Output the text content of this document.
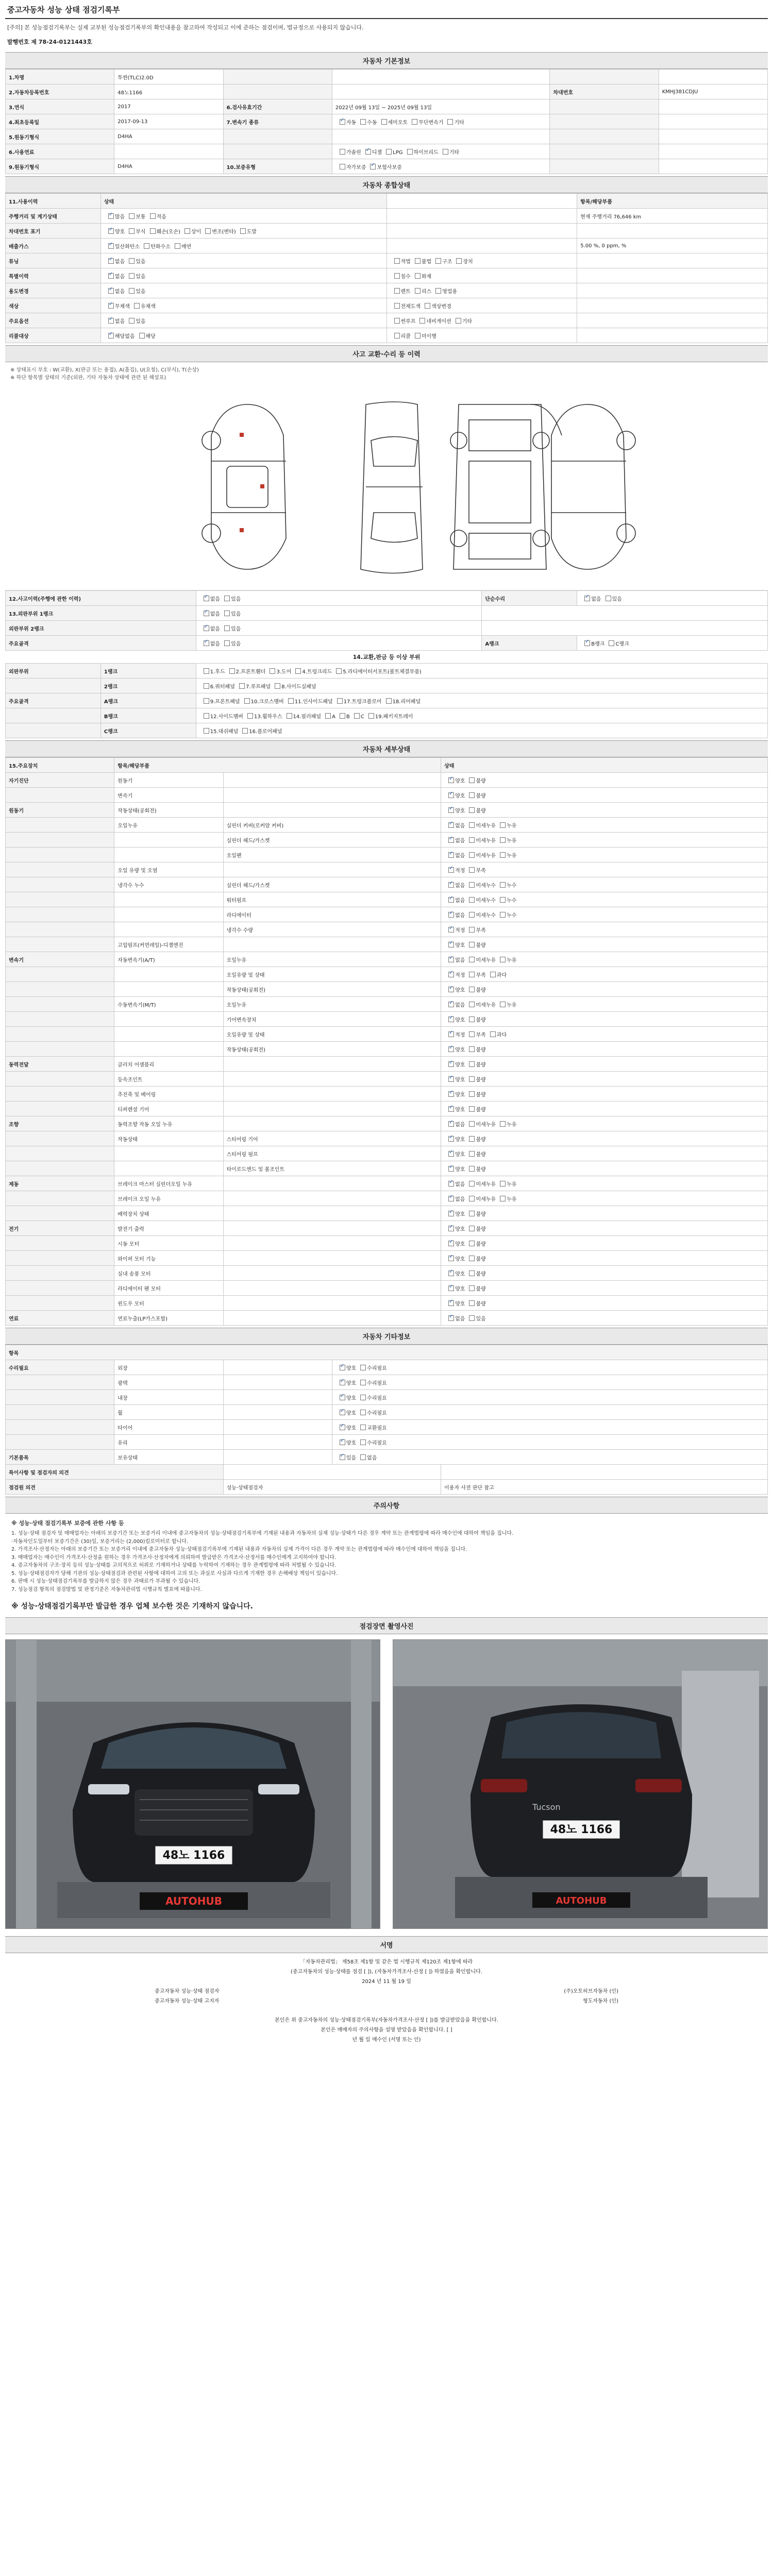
중고자동차 성능 상태 점검기록부
[주의] 본 성능점검기록부는 실제 교부된 성능점검기록부의 확인내용을 참고하여 작성되고 이에 준하는 점검이며, 법규정으로 사용되지 않습니다.
발행번호 제 78-24-0121443호
자동차 기본정보
1.차명	투싼(TLC)2.0D				
2.자동차등록번호	48노1166			차대번호	KMHJ381CDJU
3.연식	2017	6.검사유효기간	2022년 09월 13일 ~ 2025년 09월 13일		
4.최초등록일	2017-09-13	7.변속기 종류	✓자동 수동 세미오토 무단변속기 기타		
5.원동기형식	D4HA				
6.사용연료			가솔린 ✓ 디젤 LPG 하이브리드 기타		
9.원동기형식	D4HA	10.보증유형	자가보증 ✓ 보험사보증		
자동차 종합상태
11.사용이력	상태		항목/해당부품
주행거리 및 계기상태	✓많음 보통 적음		현재 주행거리 76,646 km
차대번호 표기	✓양호 부식 훼손(오손) 상이 변조(변타) 도말		
배출가스	✓일산화탄소 탄화수소 매연		5.00 %, 0 ppm, %
튜닝	✓없음 있음	적법 불법 구조 장치	
특별이력	✓없음 있음	침수 화재	
용도변경	✓없음 있음	렌트 리스 영업용	
색상	✓무채색 유채색	전체도색 색상변경	
주요옵션	✓없음 있음	썬루프 네비게이션 기타	
리콜대상	✓해당없음 해당	리콜 미이행	
사고 교환·수리 등 이력
※ 상태표시 부호 : W(교환), X(판금 또는 용접), A(흠집), U(요철), C(부식), T(손상)
※ 하단 항목별 상태의 기준(외판, 기타 자동차 상태에 관련 된 해설표)
12.사고이력(주행에 관한 이력)	✓없음 있음	단순수리	✓없음 있음
13.외판부위 1랭크	✓없음 있음	
외판부위 2랭크	✓없음 있음	
주요골격	✓없음 있음	A랭크	✓B랭크 C랭크
14.교환,판금 등 이상 부위
외판부위	1랭크	1.후드 2.프론트휀더 3.도어 4.트렁크리드 5.라디에이터서포트(볼트체결부품)
	2랭크	6.쿼터패널 7.루프패널 8.사이드실패널
주요골격	A랭크	9.프론트패널 10.크로스멤버 11.인사이드패널 17.트렁크플로어 18.리어패널
	B랭크	12.사이드멤버 13.휠하우스 14.필러패널 A B C 19.패키지트레이
	C랭크	15.대쉬패널 16.플로어패널
자동차 세부상태
15.주요장치	항목/해당부품		상태
자기진단	원동기		✓양호 불량
	변속기		✓양호 불량
원동기	작동상태(공회전)		✓양호 불량
	오일누유	실린더 커버(로커암 커버)	✓없음 미세누유 누유
		실린더 헤드/가스켓	✓없음 미세누유 누유
		오일팬	✓없음 미세누유 누유
	오일 유량 및 오염		✓적정 부족
	냉각수 누수	실린더 헤드/가스켓	✓없음 미세누수 누수
		워터펌프	✓없음 미세누수 누수
		라디에이터	✓없음 미세누수 누수
		냉각수 수량	✓적정 부족
	고압펌프(커먼레일)-디젤엔진		✓양호 불량
변속기	자동변속기(A/T)	오일누유	✓없음 미세누유 누유
		오일유량 및 상태	✓적정 부족 과다
		작동상태(공회전)	✓양호 불량
	수동변속기(M/T)	오일누유	✓없음 미세누유 누유
		기어변속장치	✓양호 불량
		오일유량 및 상태	✓적정 부족 과다
		작동상태(공회전)	✓양호 불량
동력전달	클러치 어셈블리		✓양호 불량
	등속조인트		✓양호 불량
	추진축 및 베어링		✓양호 불량
	디퍼렌셜 기어		✓양호 불량
조향	동력조향 작동 오일 누유		✓없음 미세누유 누유
	작동상태	스티어링 기어	✓양호 불량
		스티어링 펌프	✓양호 불량
		타이로드엔드 및 볼조인트	✓양호 불량
제동	브레이크 마스터 실린더오일 누유		✓없음 미세누유 누유
	브레이크 오일 누유		✓없음 미세누유 누유
	배력장치 상태		✓양호 불량
전기	발전기 출력		✓양호 불량
	시동 모터		✓양호 불량
	와이퍼 모터 기능		✓양호 불량
	실내 송풍 모터		✓양호 불량
	라디에이터 팬 모터		✓양호 불량
	윈도우 모터		✓양호 불량
연료	연료누출(LP가스포함)		✓없음 있음
자동차 기타정보
항목				
수리필요	외장		✓양호 수리필요
	광택		✓양호 수리필요
	내장		✓양호 수리필요
	휠		✓양호 수리필요
	타이어		✓양호 교환필요
	유리		✓양호 수리필요
기본품목	보유상태		✓있음 없음
특이사항 및 점검자의 의견				
점검원 의견		성능·상태점검자		이용자 사전 판단 참고
주의사항
※ 성능·상태 점검기록부 보증에 관한 사항 등
1. 성능·상태 점검자 및 매매업자는 아래의 보증기간 또는 보증거리 이내에 중고자동차의 성능·상태점검기록부에 기재된 내용과 자동차의 실제 성능·상태가 다른 경우 계약 또는 관계법령에 따라 매수인에 대하여 책임을 집니다.
·자동차인도일부터 보증기간은 (30)일, 보증거리는 (2,000)킬로미터로 합니다.
2. 가격조사·산정자는 아래의 보증기간 또는 보증거리 이내에 중고자동차 성능·상태점검기록부에 기재된 내용과 자동차의 실제 가격이 다른 경우 계약 또는 관계법령에 따라 매수인에 대하여 책임을 집니다.
3. 매매업자는 매수인이 가격조사·산정을 원하는 경우 가격조사·산정자에게 의뢰하여 발급받은 가격조사·산정서를 매수인에게 고지하여야 합니다.
4. 증고자동차의 구조·장치 등의 성능·상태를 고의적으로 허위로 기재하거나 상태를 누락하여 기재하는 경우 관계법령에 따라 처벌될 수 있습니다.
5. 성능·상태점검자가 당해 기관의 성능·상태점검과 관련된 사항에 대하여 고의 또는 과실로 사실과 다르게 기재한 경우 손해배상 책임이 있습니다.
6. 판매 시 성능·상태점검기록부를 발급하지 않은 경우 과태료가 부과될 수 있습니다.
7. 성능점검 항목의 점검방법 및 판정기준은 자동차관리법 시행규칙 별표에 따릅니다.
※ 성능·상태점검기록부만 발급한 경우 업체 보수한 것은 기재하지 않습니다.
점검장면 촬영사진
48노 1166
AUTOHUB
Tucson
48노 1166
AUTOHUB
서명
「자동차관리법」 제58조 제1항 및 같은 법 시행규칙 제120조 제1항에 따라
(중고자동차의 성능·상태를 점검 [ ]), (자동차가격조사·산정 [ ]) 하였음을 확인합니다.
2024 년 11 월 19 일
중고자동차 성능·상태 점검자	(주)오토허브자동차 (인)
중고자동차 성능·상태 고지자	형도자동차 (인)
본인은 위 중고자동차의 성능·상태점검기록부(자동차가격조사·산정 [ ])를 발급받았음을 확인합니다.
본인은 매매자의 주의사항을 설명 받았음을 확인합니다. [ ]
년 월 일 매수인 (서명 또는 인)
